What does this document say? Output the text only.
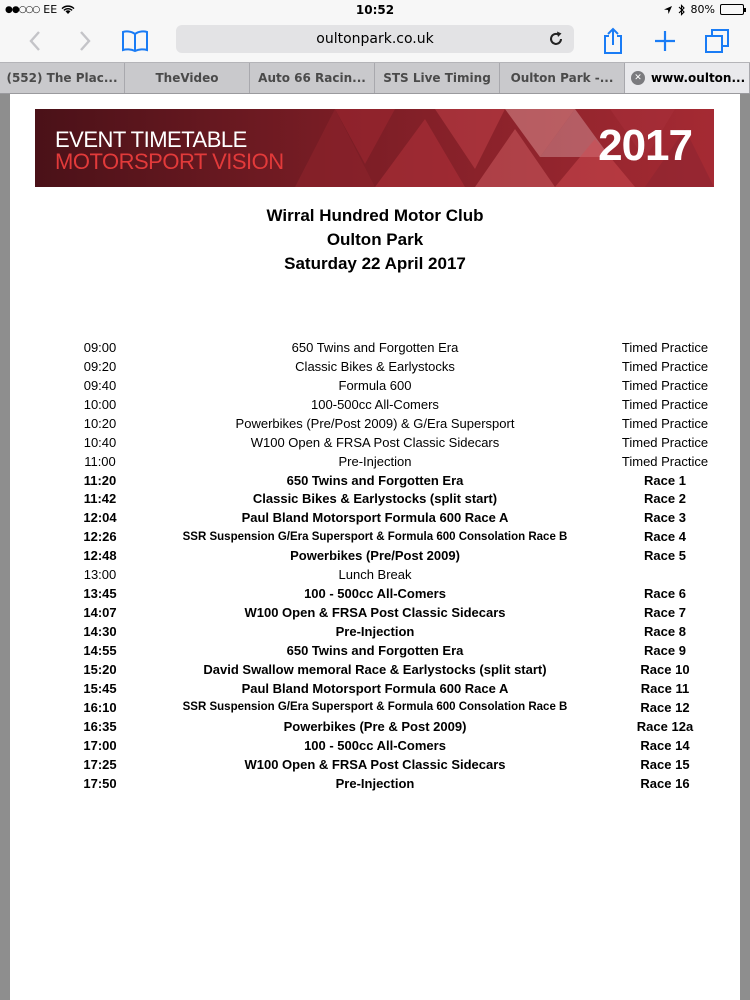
●●○○○ EE	10:52	80%
oultonpark.co.uk
(552) The Plac...	TheVideo	Auto 66 Racin... STS Live Timing Oulton Park -...	✕ www.oulton...
EVENT TIMETABLE
MOTORSPORT VISION	2017
Wirral Hundred Motor Club
Oulton Park
Saturday 22 April 2017
09:00	650 Twins and Forgotten Era	Timed Practice
09:20	Classic Bikes & Earlystocks	Timed Practice
09:40	Formula 600	Timed Practice
10:00	100-500cc All-Comers	Timed Practice
10:20	Powerbikes (Pre/Post 2009) & G/Era Supersport	Timed Practice
10:40	W100 Open & FRSA Post Classic Sidecars	Timed Practice
11:00	Pre-Injection	Timed Practice
11:20	650 Twins and Forgotten Era	Race 1
11:42	Classic Bikes & Earlystocks (split start)	Race 2
12:04	Paul Bland Motorsport Formula 600 Race A	Race 3
12:26	SSR Suspension G/Era Supersport & Formula 600 Consolation Race B	Race 4
12:48	Powerbikes (Pre/Post 2009)	Race 5
13:00	Lunch Break
13:45	100 - 500cc All-Comers	Race 6
14:07	W100 Open & FRSA Post Classic Sidecars	Race 7
14:30	Pre-Injection	Race 8
14:55	650 Twins and Forgotten Era	Race 9
15:20	David Swallow memoral Race & Earlystocks (split start)	Race 10
15:45	Paul Bland Motorsport Formula 600 Race A	Race 11
16:10	SSR Suspension G/Era Supersport & Formula 600 Consolation Race B	Race 12
16:35	Powerbikes (Pre & Post 2009)	Race 12a
17:00	100 - 500cc All-Comers	Race 14
17:25	W100 Open & FRSA Post Classic Sidecars	Race 15
17:50	Pre-Injection	Race 16
